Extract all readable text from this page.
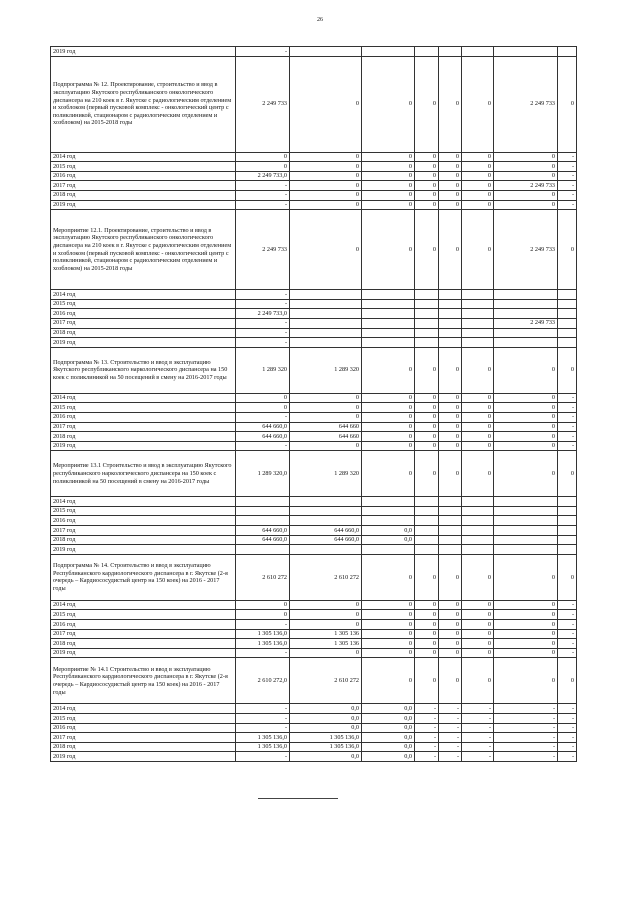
26
2019 год	-							
Подпрограмма № 12. Проектирование, строительство и ввод в эксплуатацию Якутского республиканского онкологического диспансера на 210 коек в г. Якутске с радиологическим отделением и хозблоком (первый пусковой комплекс - онкологический центр с поликлиникой, стационаром с радиологическим отделением и хозблоком) на 2015-2018 годы	2 249 733	0	0	0	0	0	2 249 733	0
2014 год	0	0	0	0	0	0	0	-
2015 год	0	0	0	0	0	0	0	-
2016 год	2 249 733,0	0	0	0	0	0	0	-
2017 год	-	0	0	0	0	0	2 249 733	-
2018 год	-	0	0	0	0	0	0	-
2019 год	-	0	0	0	0	0	0	-
Мероприятие 12.1. Проектирование, строительство и ввод в эксплуатацию Якутского республиканского онкологического диспансера на 210 коек в г. Якутске с радиологическим отделением и хозблоком (первый пусковой комплекс - онкологический центр с поликлиникой, стационаром с радиологическим отделением и хозблоком) на 2015-2018 годы	2 249 733	0	0	0	0	0	2 249 733	0
2014 год	-							
2015 год	-							
2016 год	2 249 733,0							
2017 год	-						2 249 733	
2018 год	-							
2019 год	-							
Подпрограмма № 13. Строительство и ввод в эксплуатацию Якутского республиканского наркологического диспансера на 150 коек с поликлиникой на 50 посещений в смену на 2016-2017 годы	1 289 320	1 289 320	0	0	0	0	0	0
2014 год	0	0	0	0	0	0	0	-
2015 год	0	0	0	0	0	0	0	-
2016 год	-	0	0	0	0	0	0	-
2017 год	644 660,0	644 660	0	0	0	0	0	-
2018 год	644 660,0	644 660	0	0	0	0	0	-
2019 год	-	0	0	0	0	0	0	-
Мероприятие 13.1 Строительство и ввод в эксплуатацию Якутского республиканского наркологического диспансера на 150 коек с поликлиникой на 50 посещений в смену на 2016-2017 годы	1 289 320,0	1 289 320	0	0	0	0	0	0
2014 год								
2015 год								
2016 год								
2017 год	644 660,0	644 660,0	0,0					
2018 год	644 660,0	644 660,0	0,0					
2019 год								
Подпрограмма № 14. Строительство и ввод в эксплуатацию Республиканского кардиологического диспансера в г. Якутске (2-я очередь – Кардиососудистый центр на 150 коек) на 2016 - 2017 годы	2 610 272	2 610 272	0	0	0	0	0	0
2014 год	0	0	0	0	0	0	0	-
2015 год	0	0	0	0	0	0	0	-
2016 год	-	0	0	0	0	0	0	-
2017 год	1 305 136,0	1 305 136	0	0	0	0	0	-
2018 год	1 305 136,0	1 305 136	0	0	0	0	0	-
2019 год	-	0	0	0	0	0	0	-
Мероприятие № 14.1 Строительство и ввод в эксплуатацию Республиканского кардиологического диспансера в г. Якутске (2-я очередь – Кардиососудистый центр на 150 коек) на 2016 - 2017 годы	2 610 272,0	2 610 272	0	0	0	0	0	0
2014 год	-	0,0	0,0	-	-	-	-	-
2015 год	-	0,0	0,0	-	-	-	-	-
2016 год	-	0,0	0,0	-	-	-	-	-
2017 год	1 305 136,0	1 305 136,0	0,0	-	-	-	-	-
2018 год	1 305 136,0	1 305 136,0	0,0	-	-	-	-	-
2019 год	-	0,0	0,0	-	-	-	-	-
